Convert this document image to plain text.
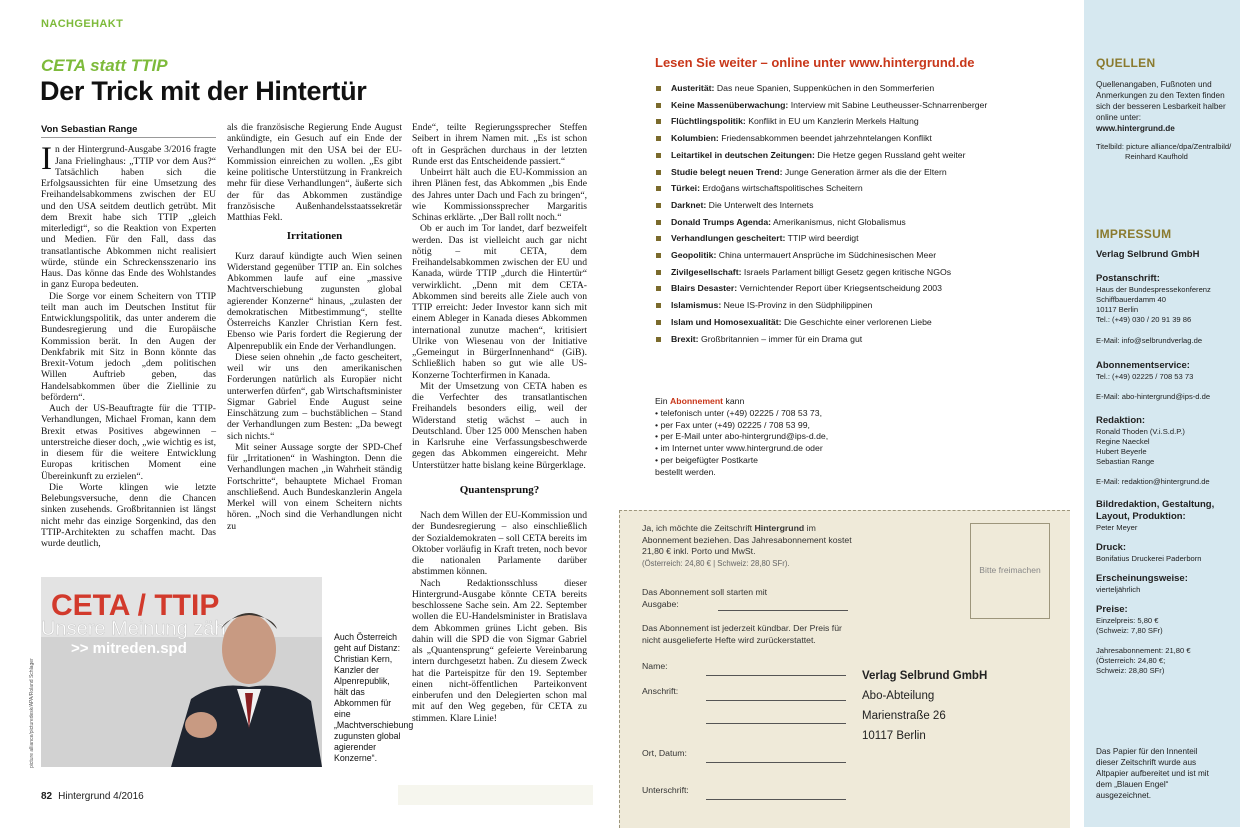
NACHGEHAKT
CETA statt TTIP
Der Trick mit der Hintertür
Von Sebastian Range

In der Hintergrund-Ausgabe 3/2016 fragte Jana Frielinghaus: „TTIP vor dem Aus?“ Tatsächlich haben sich die Erfolgsaussichten für eine Umsetzung des Freihandelsabkommens zwischen der EU und den USA seitdem deutlich getrübt. Mit dem Brexit habe sich TTIP „gleich miterledigt“, so die Reaktion von Experten und Medien. Für den Fall, dass das transatlantische Abkommen nicht realisiert würde, stünde ein Schreckensszenario ins Haus. Das könne das Ende des Wohlstandes in ganz Europa bedeuten.

Die Sorge vor einem Scheitern von TTIP teilt man auch im Deutschen Institut für Entwicklungspolitik, das unter anderem die Bundesregierung und die Europäische Kommission berät. In den Augen der Denkfabrik mit Sitz in Bonn könnte das Brexit-Votum jedoch „dem politischen Willen Auftrieb geben, das Handelsabkommen über die Ziellinie zu befördern“.

Auch der US-Beauftragte für die TTIP-Verhandlungen, Michael Froman, kann dem Brexit etwas Positives abgewinnen – unterstreiche dieser doch, „wie wichtig es ist, in diesem für die weitere Entwicklung Europas kritischen Moment eine Übereinkunft zu erzielen“.

Die Worte klingen wie letzte Belebungsversuche, denn die Chancen sinken zusehends. Großbritannien ist längst nicht mehr das einzige Sorgenkind, das den TTIP-Architekten zu schaffen macht. Das wurde deutlich,

als die französische Regierung Ende August ankündigte, ein Gesuch auf ein Ende der Verhandlungen mit den USA bei der EU-Kommission einreichen zu wollen. „Es gibt keine politische Unterstützung in Frankreich mehr für diese Verhandlungen“, äußerte sich der für das Abkommen zuständige französische Außenhandelsstaatssekretär Matthias Fekl.

Irritationen

Kurz darauf kündigte auch Wien seinen Widerstand gegenüber TTIP an. Ein solches Abkommen laufe auf eine „massive Machtverschiebung zugunsten global agierender Konzerne“ hinaus, „zulasten der demokratischen Mitbestimmung“, stellte Österreichs Kanzler Christian Kern fest. Ebenso wie Paris fordert die Regierung der Alpenrepublik ein Ende der Verhandlungen.

Diese seien ohnehin „de facto gescheitert, weil wir uns den amerikanischen Forderungen natürlich als Europäer nicht unterwerfen dürfen“, gab Wirtschaftsminister Sigmar Gabriel Ende August seine Einschätzung zum – buchstäblichen – Stand der Verhandlungen zum Besten: „Da bewegt sich nichts.“

Mit seiner Aussage sorgte der SPD-Chef für „Irritationen“ in Washington. Denn die Verhandlungen machen „in Wahrheit ständig Fortschritte“, behauptete Michael Froman anschließend. Auch Bundeskanzlerin Angela Merkel will von einem Scheitern nichts hören. „Noch sind die Verhandlungen nicht zu

Ende“, teilte Regierungssprecher Steffen Seibert in ihrem Namen mit. „Es ist schon oft in Gesprächen durchaus in der letzten Runde erst das Entscheidende passiert.“

Unbeirrt hält auch die EU-Kommission an ihren Plänen fest, das Abkommen „bis Ende des Jahres unter Dach und Fach zu bringen“, wie Kommissionssprecher Margaritis Schinas erklärte. „Der Ball rollt noch.“

Ob er auch im Tor landet, darf bezweifelt werden. Das ist vielleicht auch gar nicht nötig – mit CETA, dem Freihandelsabkommen zwischen der EU und Kanada, würde TTIP „durch die Hintertür“ verwirklicht. „Denn mit dem CETA-Abkommen sind bereits alle Ziele auch von TTIP erreicht: Jeder Investor kann sich mit einem Ableger in Kanada dieses Abkommen international zunutze machen“, kritisiert Ulrike von Wiesenau von der Initiative „Gemeingut in BürgerInnenhand“ (GiB). Schließlich haben so gut wie alle US-Konzerne Tochterfirmen in Kanada.

Mit der Umsetzung von CETA haben es die Verfechter des transatlantischen Freihandels besonders eilig, weil der Widerstand stetig wächst – auch in Deutschland. Über 125 000 Menschen haben in Karlsruhe eine Verfassungsbeschwerde gegen das Abkommen eingereicht. Mehr Unterstützer hatte bislang keine Bürgerklage.

Quantensprung?

Nach dem Willen der EU-Kommission und der Bundesregierung – also einschließlich der Sozialdemokraten – soll CETA bereits im Oktober vorläufig in Kraft treten, noch bevor die nationalen Parlamente darüber abstimmen können.

Nach Redaktionsschluss dieser Hintergrund-Ausgabe könnte CETA bereits beschlossene Sache sein. Am 22. September wollen die EU-Handelsminister in Bratislava dem Abkommen grünes Licht geben. Bis dahin will die SPD die von Sigmar Gabriel als „Quantensprung“ gefeierte Vereinbarung intern durchgesetzt haben. Zu diesem Zweck hat die Parteispitze für den 19. September einen nicht-öffentlichen Parteikonvent einberufen und den Delegierten schon mal mit auf den Weg gegeben, für CETA zu stimmen. Klare Linie!

CETA / TTIP
Unsere Meinung zäh
>> mitreden.spd
picture alliance/picturedesk/APA/Roland Schlager
Auch Österreich geht auf Distanz: Christian Kern, Kanzler der Alpenrepublik, hält das Abkommen für eine „Machtverschiebung zugunsten global agierender Konzerne“.
82 Hintergrund 4/2016
Lesen Sie weiter – online unter www.hintergrund.de
Austerität: Das neue Spanien, Suppenküchen in den Sommerferien
Keine Massenüberwachung: Interview mit Sabine Leutheusser-Schnarrenberger
Flüchtlingspolitik: Konflikt in EU um Kanzlerin Merkels Haltung
Kolumbien: Friedensabkommen beendet jahrzehntelangen Konflikt
Leitartikel in deutschen Zeitungen: Die Hetze gegen Russland geht weiter
Studie belegt neuen Trend: Junge Generation ärmer als die der Eltern
Türkei: Erdoğans wirtschaftspolitisches Scheitern
Darknet: Die Unterwelt des Internets
Donald Trumps Agenda: Amerikanismus, nicht Globalismus
Verhandlungen gescheitert: TTIP wird beerdigt
Geopolitik: China untermauert Ansprüche im Südchinesischen Meer
Zivilgesellschaft: Israels Parlament billigt Gesetz gegen kritische NGOs
Blairs Desaster: Vernichtender Report über Kriegsentscheidung 2003
Islamismus: Neue IS-Provinz in den Südphilippinen
Islam und Homosexualität: Die Geschichte einer verlorenen Liebe
Brexit: Großbritannien – immer für ein Drama gut
Ein Abonnement kann
• telefonisch unter (+49) 02225 / 708 53 73,
• per Fax unter (+49) 02225 / 708 53 99,
• per E-Mail unter abo-hintergrund@ips-d.de,
• im Internet unter www.hintergrund.de oder
• per beigefügter Postkarte
bestellt werden.
Ja, ich möchte die Zeitschrift Hintergrund im Abonnement beziehen. Das Jahresabonnement kostet 21,80 € inkl. Porto und MwSt.
(Österreich: 24,80 € | Schweiz: 28,80 SFr).
Das Abonnement soll starten mit Ausgabe:
Das Abonnement ist jederzeit kündbar. Der Preis für nicht ausgelieferte Hefte wird zurückerstattet.
Name:
Anschrift:
Ort, Datum:
Unterschrift:
Bitte freimachen
Verlag Selbrund GmbH
Abo-Abteilung
Marienstraße 26
10117 Berlin
QUELLEN
Quellenangaben, Fußnoten und Anmerkungen zu den Texten finden sich der besseren Lesbarkeit halber online unter:
www.hintergrund.de
Titelbild: picture alliance/dpa/Zentralbild/
Reinhard Kaufhold
IMPRESSUM
Verlag Selbrund GmbH
Postanschrift:
Haus der Bundespressekonferenz
Schiffbauerdamm 40
10117 Berlin
Tel.: (+49) 030 / 20 91 39 86
E-Mail: info@selbrundverlag.de
Abonnementservice:
Tel.: (+49) 02225 / 708 53 73
E-Mail: abo-hintergrund@ips-d.de
Redaktion:
Ronald Thoden (V.i.S.d.P.)
Regine Naeckel
Hubert Beyerle
Sebastian Range
E-Mail: redaktion@hintergrund.de
Bildredaktion, Gestaltung, Layout, Produktion:
Peter Meyer
Druck:
Bonifatius Druckerei Paderborn
Erscheinungsweise:
vierteljährlich
Preise:
Einzelpreis: 5,80 €
(Schweiz: 7,80 SFr)
Jahresabonnement: 21,80 €
(Österreich: 24,80 €;
Schweiz: 28,80 SFr)
Das Papier für den Innenteil dieser Zeitschrift wurde aus Altpapier aufbereitet und ist mit dem „Blauen Engel“ ausgezeichnet.
